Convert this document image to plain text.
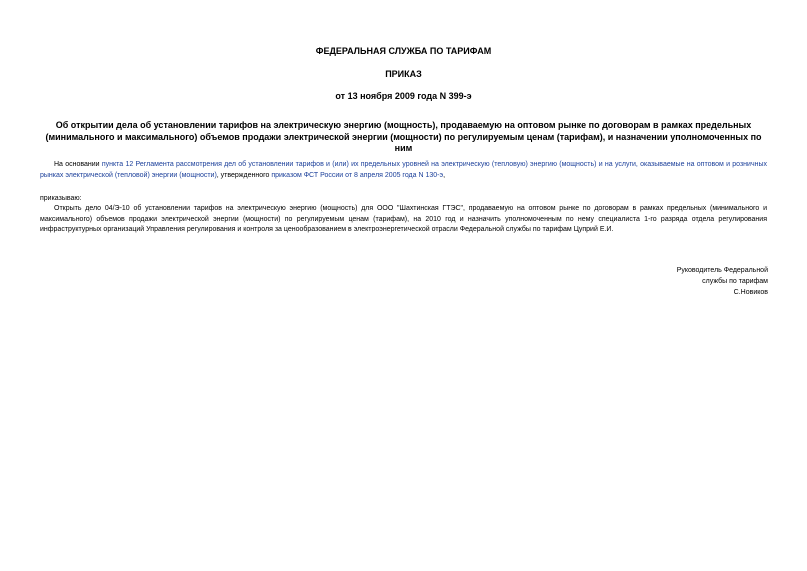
ФЕДЕРАЛЬНАЯ СЛУЖБА ПО ТАРИФАМ
ПРИКАЗ
от 13 ноября 2009 года N 399-э
Об открытии дела об установлении тарифов на электрическую энергию (мощность), продаваемую на оптовом рынке по договорам в рамках предельных (минимального и максимального) объемов продажи электрической энергии (мощности) по регулируемым ценам (тарифам), и назначении уполномоченных по ним
На основании пункта 12 Регламента рассмотрения дел об установлении тарифов и (или) их предельных уровней на электрическую (тепловую) энергию (мощность) и на услуги, оказываемые на оптовом и розничных рынках электрической (тепловой) энергии (мощности), утвержденного приказом ФСТ России от 8 апреля 2005 года N 130-э,
приказываю:
Открыть дело 04/Э-10 об установлении тарифов на электрическую энергию (мощность) для ООО "Шахтинская ГТЭС", продаваемую на оптовом рынке по договорам в рамках предельных (минимального и максимального) объемов продажи электрической энергии (мощности) по регулируемым ценам (тарифам), на 2010 год и назначить уполномоченным по нему специалиста 1-го разряда отдела регулирования инфраструктурных организаций Управления регулирования и контроля за ценообразованием в электроэнергетической отрасли Федеральной службы по тарифам Цуприй Е.И.
Руководитель Федеральной
службы по тарифам
С.Новиков
